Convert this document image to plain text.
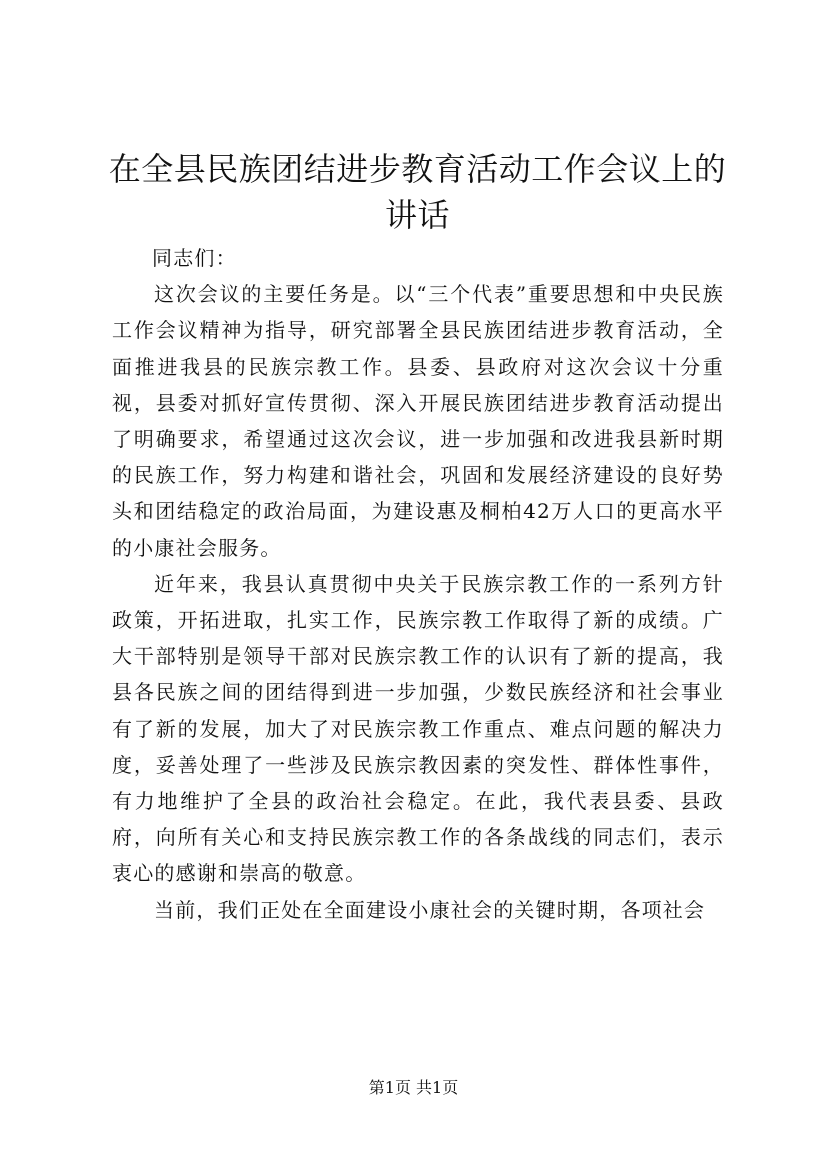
在全县民族团结进步教育活动工作会议上的讲话

同志们：

这次会议的主要任务是。以“三个代表”重要思想和中央民族工作会议精神为指导，研究部署全县民族团结进步教育活动，全面推进我县的民族宗教工作。县委、县政府对这次会议十分重视，县委对抓好宣传贯彻、深入开展民族团结进步教育活动提出了明确要求，希望通过这次会议，进一步加强和改进我县新时期的民族工作，努力构建和谐社会，巩固和发展经济建设的良好势头和团结稳定的政治局面，为建设惠及桐柏42万人口的更高水平的小康社会服务。

近年来，我县认真贯彻中央关于民族宗教工作的一系列方针政策，开拓进取，扎实工作，民族宗教工作取得了新的成绩。广大干部特别是领导干部对民族宗教工作的认识有了新的提高，我县各民族之间的团结得到进一步加强，少数民族经济和社会事业有了新的发展，加大了对民族宗教工作重点、难点问题的解决力度，妥善处理了一些涉及民族宗教因素的突发性、群体性事件，有力地维护了全县的政治社会稳定。在此，我代表县委、县政府，向所有关心和支持民族宗教工作的各条战线的同志们，表示衷心的感谢和崇高的敬意。

当前，我们正处在全面建设小康社会的关键时期，各项社会

第1页 共1页
